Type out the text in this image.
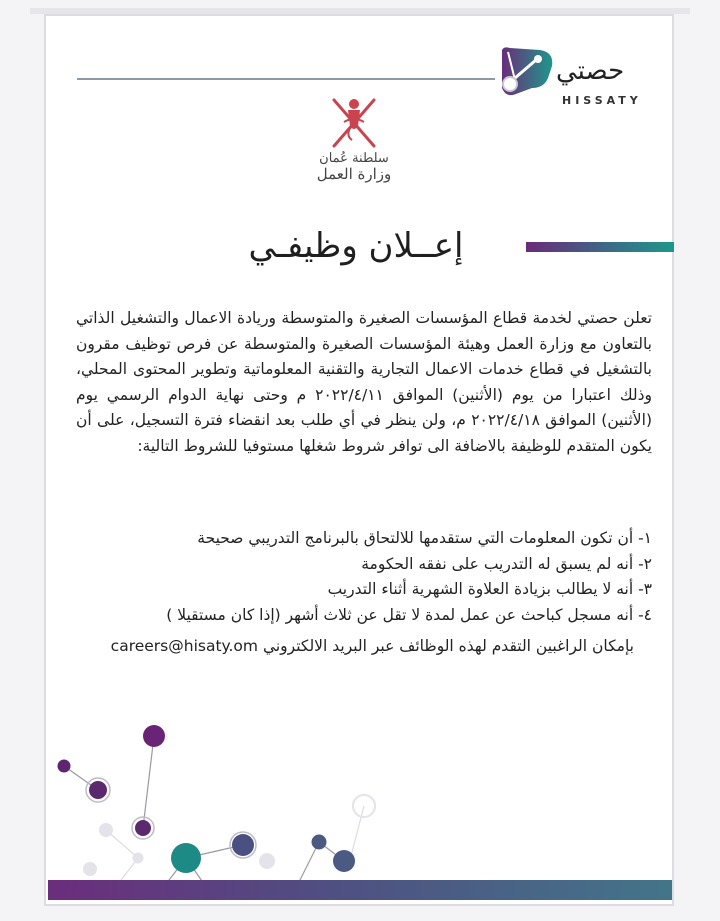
حصتي
HISSATY
سلطنة عُمان
وزارة العمل
إعــلان وظيفـي
تعلن حصتي لخدمة قطاع المؤسسات الصغيرة والمتوسطة وريادة الاعمال والتشغيل الذاتي بالتعاون مع وزارة العمل وهيئة المؤسسات الصغيرة والمتوسطة عن فرص توظيف مقرون بالتشغيل في قطاع خدمات الاعمال التجارية والتقنية المعلوماتية وتطوير المحتوى المحلي، وذلك اعتبارا من يوم (الأثنين) الموافق ٢٠٢٢/٤/١١ م وحتى نهاية الدوام الرسمي يوم (الأثنين) الموافق ٢٠٢٢/٤/١٨ م، ولن ينظر في أي طلب بعد انقضاء فترة التسجيل، على أن يكون المتقدم للوظيفة بالاضافة الى توافر شروط شغلها مستوفيا للشروط التالية:
١- أن تكون المعلومات التي ستقدمها للالتحاق بالبرنامج التدريبي صحيحة
٢- أنه لم يسبق له التدريب على نفقه الحكومة
٣- أنه لا يطالب بزيادة العلاوة الشهرية أثناء التدريب
٤- أنه مسجل كباحث عن عمل لمدة لا تقل عن ثلاث أشهر (إذا كان مستقيلا )
بإمكان الراغبين التقدم لهذه الوظائف عبر البريد الالكتروني careers@hisaty.om
